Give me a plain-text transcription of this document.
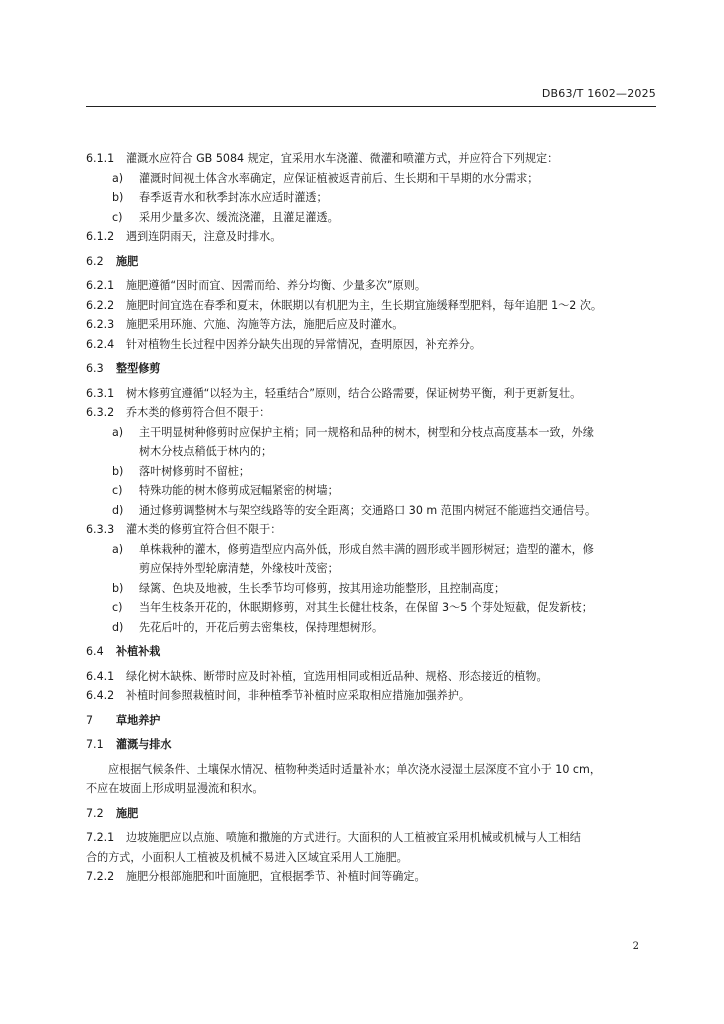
DB63/T 1602—2025
6.1.1 灌溉水应符合 GB 5084 规定，宜采用水车浇灌、微灌和喷灌方式，并应符合下列规定：
a) 灌溉时间视土体含水率确定，应保证植被返青前后、生长期和干旱期的水分需求；
b) 春季返青水和秋季封冻水应适时灌透；
c) 采用少量多次、缓流浇灌，且灌足灌透。
6.1.2 遇到连阴雨天，注意及时排水。
6.2 施肥
6.2.1 施肥遵循“因时而宜、因需而给、养分均衡、少量多次”原则。
6.2.2 施肥时间宜选在春季和夏末，休眠期以有机肥为主，生长期宜施缓释型肥料，每年追肥 1～2 次。
6.2.3 施肥采用环施、穴施、沟施等方法，施肥后应及时灌水。
6.2.4 针对植物生长过程中因养分缺失出现的异常情况，查明原因，补充养分。
6.3 整型修剪
6.3.1 树木修剪宜遵循“以轻为主，轻重结合”原则，结合公路需要，保证树势平衡，利于更新复壮。
6.3.2 乔木类的修剪符合但不限于：
a) 主干明显树种修剪时应保护主梢；同一规格和品种的树木，树型和分枝点高度基本一致，外缘
树木分枝点稍低于林内的；
b) 落叶树修剪时不留桩；
c) 特殊功能的树木修剪成冠幅紧密的树墙；
d) 通过修剪调整树木与架空线路等的安全距离；交通路口 30 m 范围内树冠不能遮挡交通信号。
6.3.3 灌木类的修剪宜符合但不限于：
a) 单株栽种的灌木，修剪造型应内高外低，形成自然丰满的圆形或半圆形树冠；造型的灌木，修
剪应保持外型轮廓清楚，外缘枝叶茂密；
b) 绿篱、色块及地被，生长季节均可修剪，按其用途功能整形，且控制高度；
c) 当年生枝条开花的，休眠期修剪，对其生长健壮枝条，在保留 3～5 个芽处短截，促发新枝；
d) 先花后叶的，开花后剪去密集枝，保持理想树形。
6.4 补植补栽
6.4.1 绿化树木缺株、断带时应及时补植，宜选用相同或相近品种、规格、形态接近的植物。
6.4.2 补植时间参照栽植时间，非种植季节补植时应采取相应措施加强养护。
7 草地养护
7.1 灌溉与排水
应根据气候条件、土壤保水情况、植物种类适时适量补水；单次浇水浸湿土层深度不宜小于 10 cm，
不应在坡面上形成明显漫流和积水。
7.2 施肥
7.2.1 边坡施肥应以点施、喷施和撒施的方式进行。大面积的人工植被宜采用机械或机械与人工相结
合的方式，小面积人工植被及机械不易进入区域宜采用人工施肥。
7.2.2 施肥分根部施肥和叶面施肥，宜根据季节、补植时间等确定。
2
